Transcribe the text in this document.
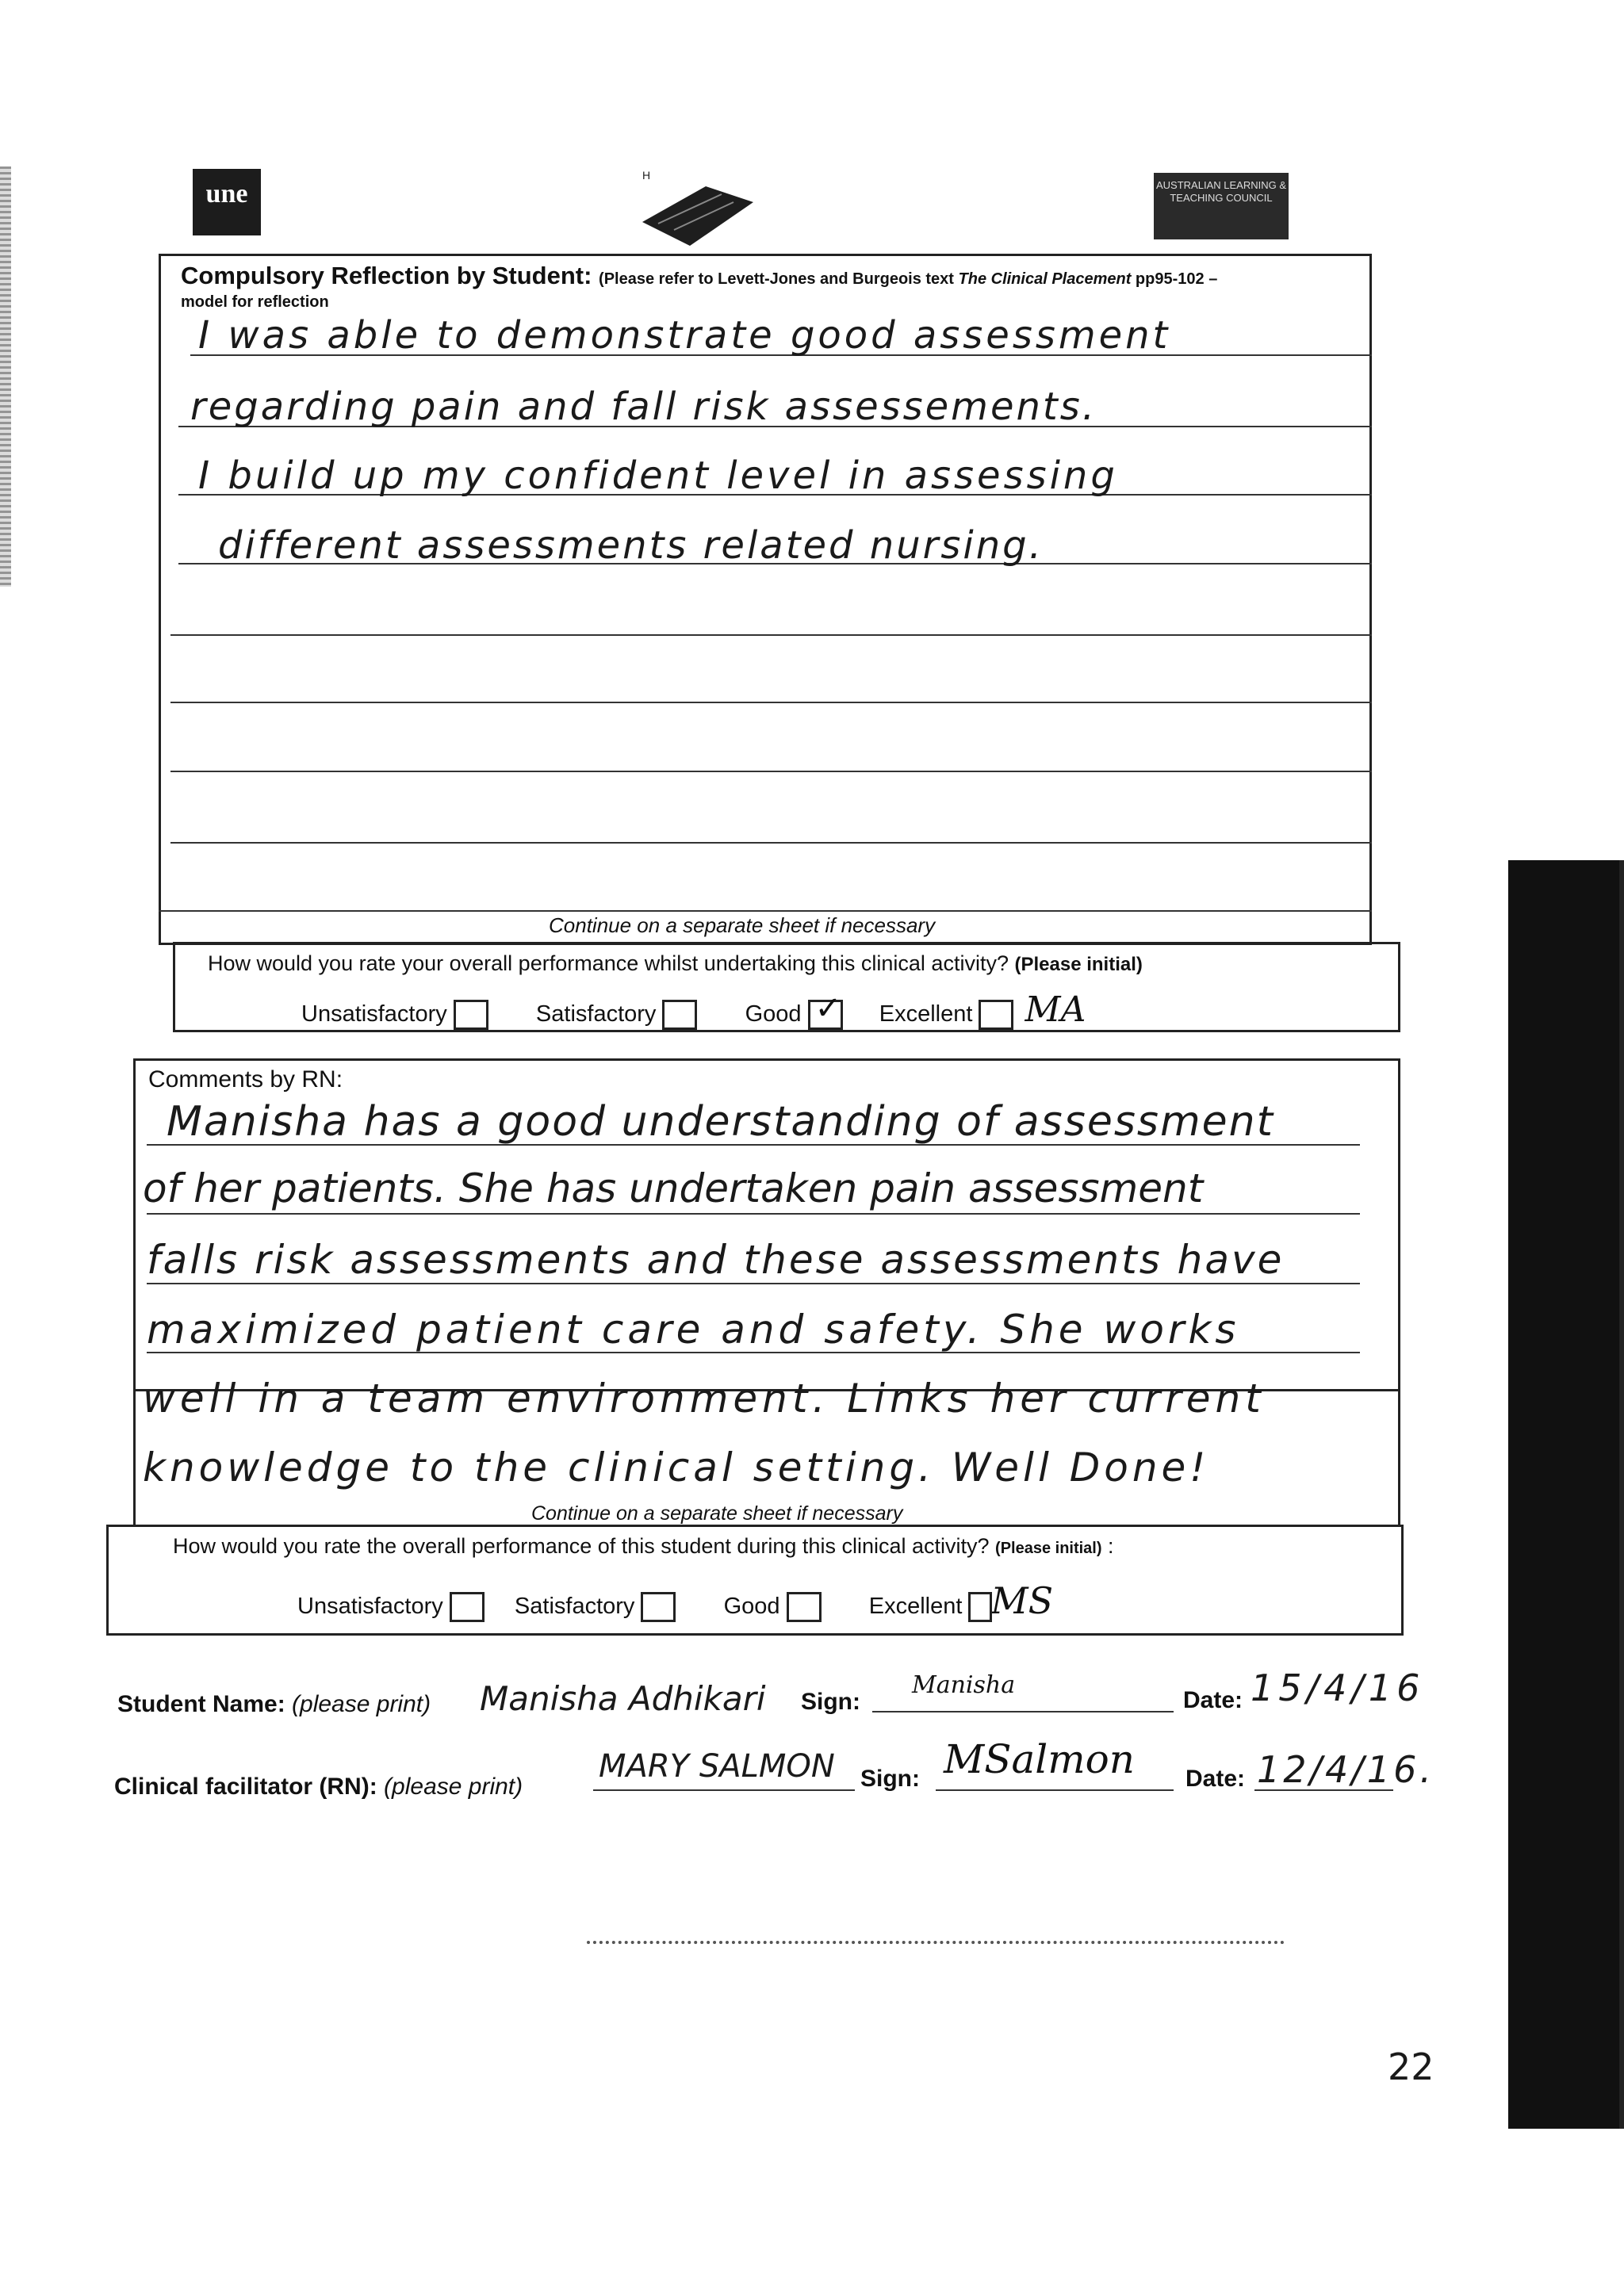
une
H
AUSTRALIAN LEARNING & TEACHING COUNCIL
Compulsory Reflection by Student: (Please refer to Levett-Jones and Burgeois text The Clinical Placement pp95-102 –
model for reflection
I was able to demonstrate good assessment
regarding pain and fall risk assessements.
I build up my confident level in assessing
different assessments related nursing.
Continue on a separate sheet if necessary
How would you rate your overall performance whilst undertaking this clinical activity? (Please initial)
Unsatisfactory	Satisfactory	Good ✓ Excellent MA
Comments by RN:
Manisha has a good understanding of assessment
of her patients. She has undertaken pain assessment
falls risk assessments and these assessments have
maximized patient care and safety. She works
well in a team environment. Links her current
knowledge to the clinical setting. Well Done!
Continue on a separate sheet if necessary
How would you rate the overall performance of this student during this clinical activity? (Please initial) :
Unsatisfactory	Satisfactory	Good	Excellent MS
Student Name: (please print) Manisha Adhikari Sign:
Manisha
Date: 15/4/16
Clinical facilitator (RN): (please print)
MARY SALMON Sign: MSalmon Date: 12/4/16.
22
